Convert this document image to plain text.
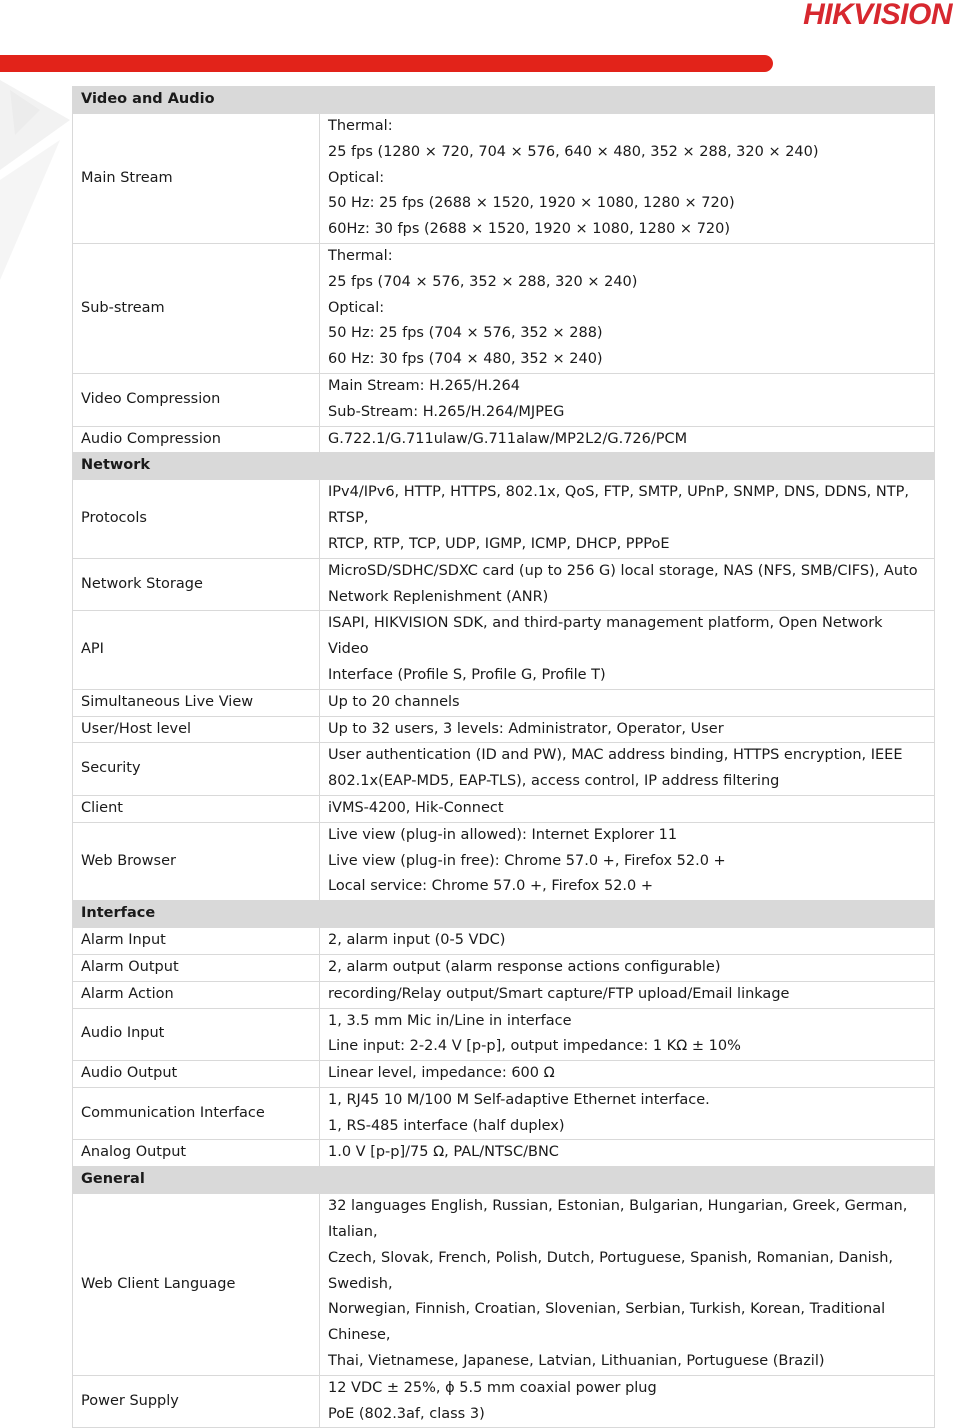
HIKVISION
Video and Audio	
Main Stream	Thermal:
25 fps (1280 × 720, 704 × 576, 640 × 480, 352 × 288, 320 × 240)
Optical:
50 Hz: 25 fps (2688 × 1520, 1920 × 1080, 1280 × 720)
60Hz: 30 fps (2688 × 1520, 1920 × 1080, 1280 × 720)

Sub-stream	Thermal:
25 fps (704 × 576, 352 × 288, 320 × 240)
Optical:
50 Hz: 25 fps (704 × 576, 352 × 288)
60 Hz: 30 fps (704 × 480, 352 × 240)

Video Compression	Main Stream: H.265/H.264
Sub-Stream: H.265/H.264/MJPEG

Audio Compression	G.722.1/G.711ulaw/G.711alaw/MP2L2/G.726/PCM

Network	
Protocols	IPv4/IPv6, HTTP, HTTPS, 802.1x, QoS, FTP, SMTP, UPnP, SNMP, DNS, DDNS, NTP, RTSP,
RTCP, RTP, TCP, UDP, IGMP, ICMP, DHCP, PPPoE

Network Storage	MicroSD/SDHC/SDXC card (up to 256 G) local storage, NAS (NFS, SMB/CIFS), Auto
Network Replenishment (ANR)

API	ISAPI, HIKVISION SDK, and third-party management platform, Open Network Video
Interface (Profile S, Profile G, Profile T)

Simultaneous Live View	Up to 20 channels

User/Host level	Up to 32 users, 3 levels: Administrator, Operator, User

Security	User authentication (ID and PW), MAC address binding, HTTPS encryption, IEEE
802.1x(EAP-MD5, EAP-TLS), access control, IP address filtering

Client	iVMS-4200, Hik-Connect

Web Browser	Live view (plug-in allowed): Internet Explorer 11
Live view (plug-in free): Chrome 57.0 +, Firefox 52.0 +
Local service: Chrome 57.0 +, Firefox 52.0 +

Interface	
Alarm Input	2, alarm input (0-5 VDC)

Alarm Output	2, alarm output (alarm response actions configurable)

Alarm Action	recording/Relay output/Smart capture/FTP upload/Email linkage

Audio Input	1, 3.5 mm Mic in/Line in interface
Line input: 2-2.4 V [p-p], output impedance: 1 KΩ ± 10%

Audio Output	Linear level, impedance: 600 Ω

Communication Interface	1, RJ45 10 M/100 M Self-adaptive Ethernet interface.
1, RS-485 interface (half duplex)

Analog Output	1.0 V [p-p]/75 Ω, PAL/NTSC/BNC

General	
Web Client Language	32 languages English, Russian, Estonian, Bulgarian, Hungarian, Greek, German, Italian,
Czech, Slovak, French, Polish, Dutch, Portuguese, Spanish, Romanian, Danish, Swedish,
Norwegian, Finnish, Croatian, Slovenian, Serbian, Turkish, Korean, Traditional Chinese,
Thai, Vietnamese, Japanese, Latvian, Lithuanian, Portuguese (Brazil)

Power Supply	12 VDC ± 25%, ϕ 5.5 mm coaxial power plug
PoE (802.3af, class 3)
